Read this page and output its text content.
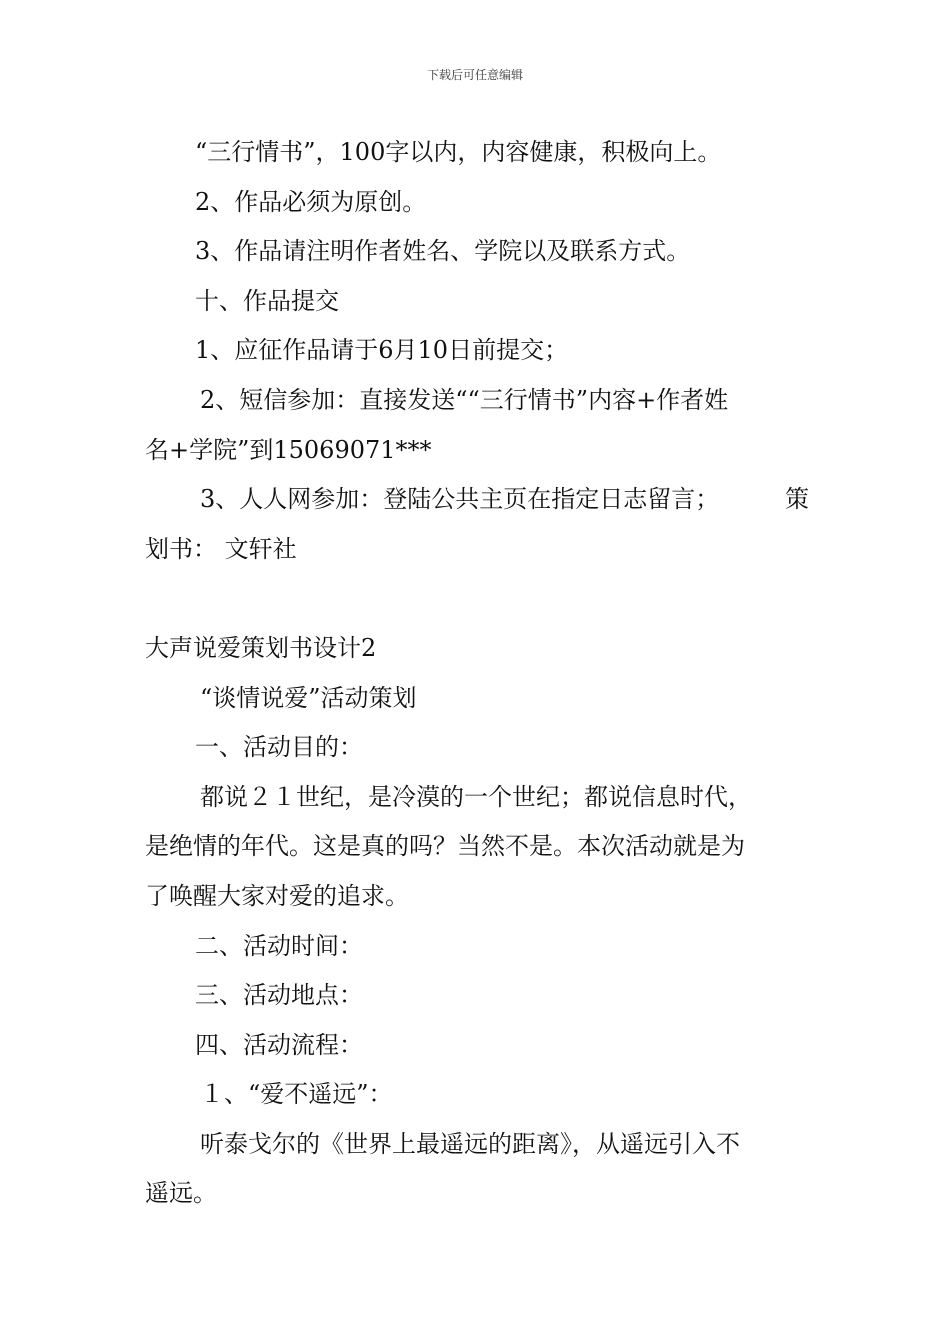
下载后可任意编辑

“三行情书”，100字以内，内容健康，积极向上。

2、作品必须为原创。

3、作品请注明作者姓名、学院以及联系方式。

十、作品提交

1、应征作品请于6月10日前提交；

2、短信参加：直接发送““三行情书”内容+作者姓

名+学院”到15069071***

3、人人网参加：登陆公共主页在指定日志留言；	策

划书： 文轩社

大声说爱策划书设计2

“谈情说爱”活动策划

一、活动目的：

都说２１世纪，是冷漠的一个世纪；都说信息时代，

是绝情的年代。这是真的吗？当然不是。本次活动就是为

了唤醒大家对爱的追求。

二、活动时间：

三、活动地点：

四、活动流程：

１、“爱不遥远”：

听泰戈尔的《世界上最遥远的距离》，从遥远引入不

遥远。
